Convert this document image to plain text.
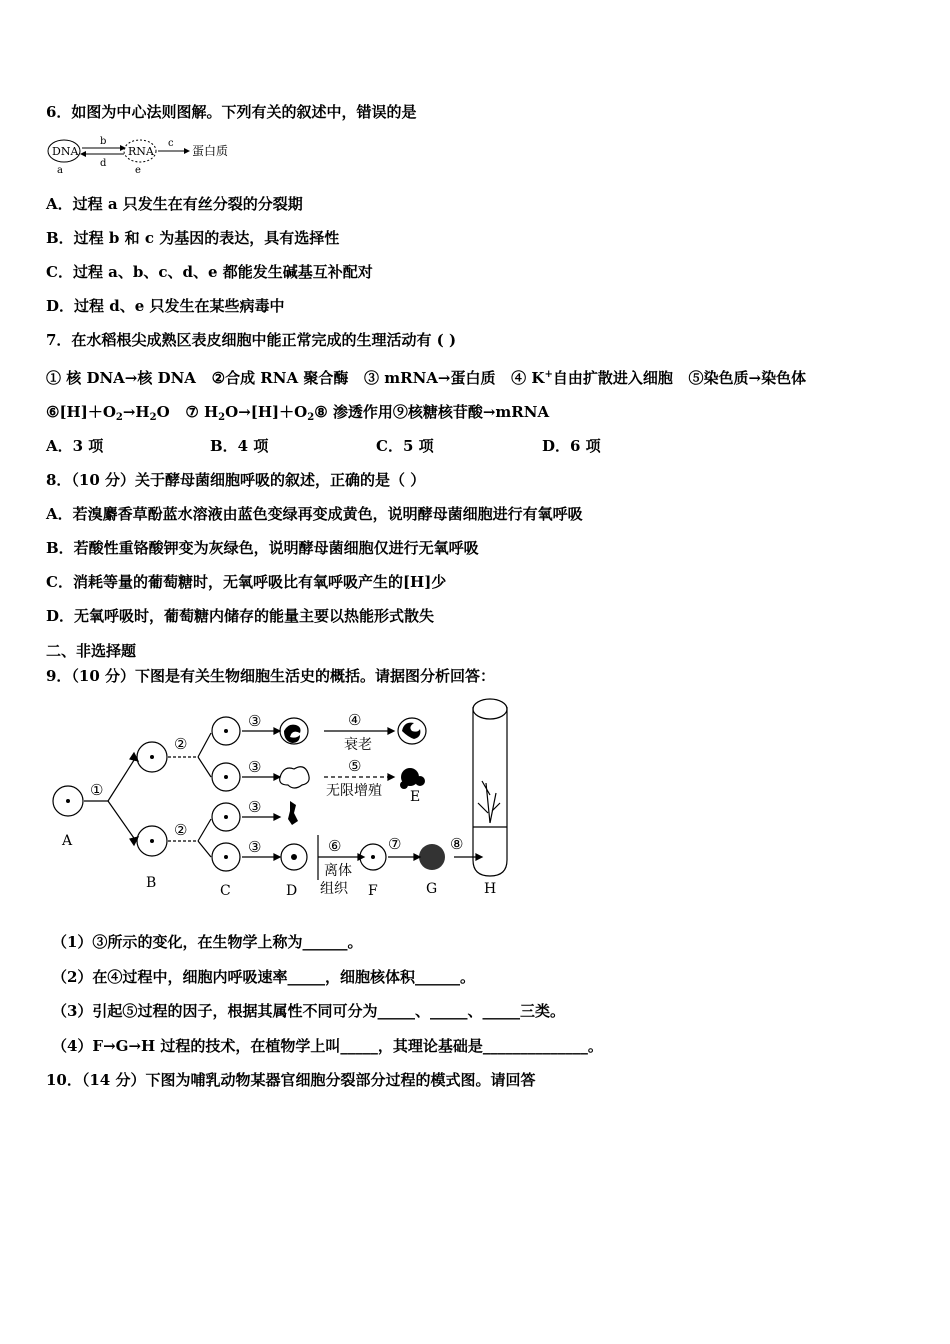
6．如图为中心法则图解。下列有关的叙述中，错误的是
DNA
a
b
d
RNA
e
c
蛋白质
A．过程 a 只发生在有丝分裂的分裂期
B．过程 b 和 c 为基因的表达，具有选择性
C．过程 a、b、c、d、e 都能发生碱基互补配对
D．过程 d、e 只发生在某些病毒中
7．在水稻根尖成熟区表皮细胞中能正常完成的生理活动有 ( )
① 核 DNA→核 DNA ②合成 RNA 聚合酶 ③ mRNA→蛋白质 ④ K+自由扩散进入细胞 ⑤染色质→染色体
$⑥[H]+O_2\to H_2O$ ⑦ $H_2O\to[H]+O_2⑧$ 渗透作用⑨核糖核苷酸→mRNA
A．3 项	B．4 项	C．5 项	D．6 项
8．（10 分）关于酵母菌细胞呼吸的叙述，正确的是（ ）
A．若溴麝香草酚蓝水溶液由蓝色变绿再变成黄色，说明酵母菌细胞进行有氧呼吸
B．若酸性重铬酸钾变为灰绿色，说明酵母菌细胞仅进行无氧呼吸
C．消耗等量的葡萄糖时，无氧呼吸比有氧呼吸产生的[H]少
D．无氧呼吸时，葡萄糖内储存的能量主要以热能形式散失
二、非选择题
9．（10 分）下图是有关生物细胞生活史的概括。请据图分析回答：
A
B	C	D
E
F	G	H
①
②
②
③
③
③
③
④
⑤
⑥	⑦	⑧
衰老
无限增殖
离体
组织
（1）③所示的变化，在生物学上称为______。
（2）在④过程中，细胞内呼吸速率_____，细胞核体积______。
（3）引起⑤过程的因子，根据其属性不同可分为_____、_____、_____三类。
（4）F→G→H 过程的技术，在植物学上叫_____，其理论基础是______________。
10．（14 分）下图为哺乳动物某器官细胞分裂部分过程的模式图。请回答
